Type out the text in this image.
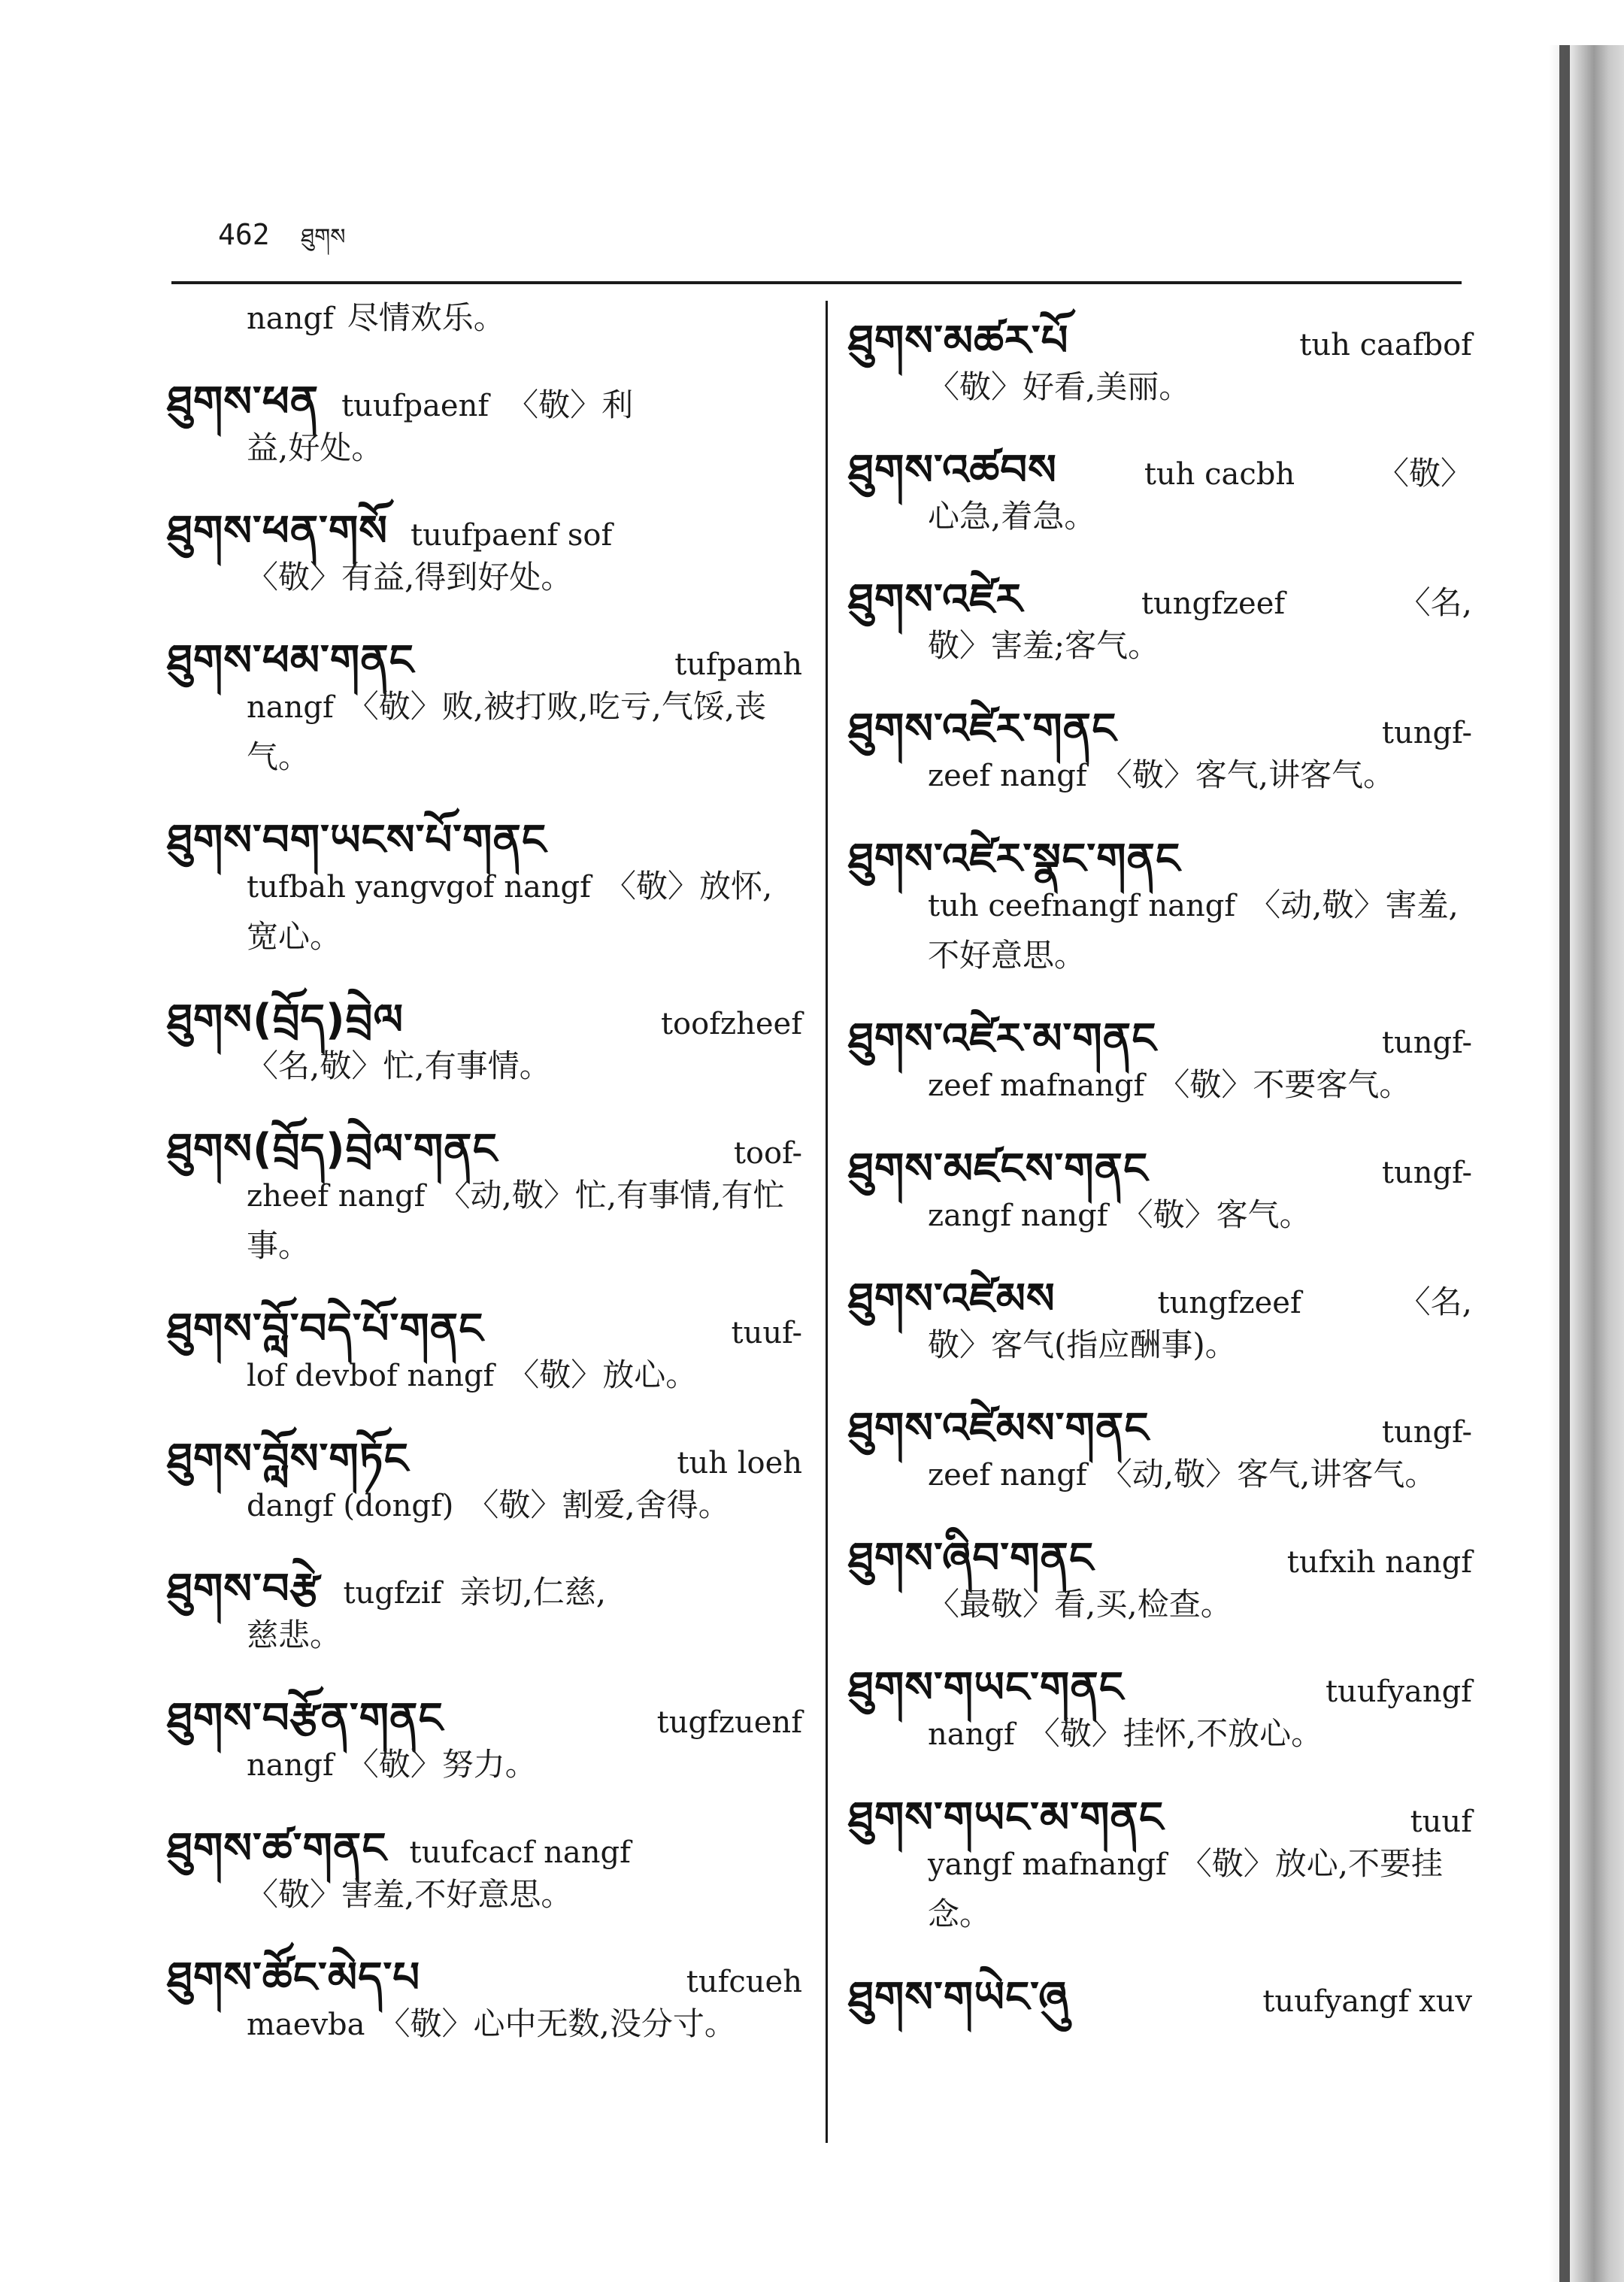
462 ཐུགས
nangf 尽情欢乐。
ཐུགས་ཕན tuufpaenf 〈敬〉利
益,好处。
ཐུགས་ཕན་གསོ tuufpaenf sof
〈敬〉有益,得到好处。
ཐུགས་ཕམ་གནང	tufpamh
nangf 〈敬〉败,被打败,吃亏,气馁,丧气。
ཐུགས་བག་ཡངས་པོ་གནང
tufbah yangvgof nangf 〈敬〉放怀,宽心。
ཐུགས(བྲོད)བྲེལ	toofzheef
〈名,敬〉忙,有事情。
ཐུགས(བྲོད)བྲེལ་གནང	toof-
zheef nangf 〈动,敬〉忙,有事情,有忙事。
ཐུགས་བློ་བདེ་པོ་གནང	tuuf-
lof devbof nangf 〈敬〉放心。
ཐུགས་བློས་གཏོང	tuh loeh
dangf (dongf) 〈敬〉割爱,舍得。
ཐུགས་བརྩེ tugfzif 亲切,仁慈,
慈悲。
ཐུགས་བརྩོན་གནང	tugfzuenf
nangf 〈敬〉努力。
ཐུགས་ཚ་གནང tuufcacf nangf
〈敬〉害羞,不好意思。
ཐུགས་ཚོང་མེད་པ	tufcueh
maevba 〈敬〉心中无数,没分寸。
ཐུགས་མཚར་པོ	tuh caafbof
〈敬〉好看,美丽。
ཐུགས་འཚབས	tuh cacbh	〈敬〉
心急,着急。
ཐུགས་འཛེར	tungfzeef	〈名,
敬〉害羞;客气。
ཐུགས་འཛེར་གནང	tungf-
zeef nangf 〈敬〉客气,讲客气。
ཐུགས་འཛེར་སྣང་གནང
tuh ceefnangf nangf 〈动,敬〉害羞,不好意思。
ཐུགས་འཛེར་མ་གནང	tungf-
zeef mafnangf 〈敬〉不要客气。
ཐུགས་མཛངས་གནང	tungf-
zangf nangf 〈敬〉客气。
ཐུགས་འཛེམས	tungfzeef	〈名,
敬〉客气(指应酬事)。
ཐུགས་འཛེམས་གནང	tungf-
zeef nangf 〈动,敬〉客气,讲客气。
ཐུགས་ཞིབ་གནང	tufxih nangf
〈最敬〉看,买,检查。
ཐུགས་གཡང་གནང	tuufyangf
nangf 〈敬〉挂怀,不放心。
ཐུགས་གཡང་མ་གནང	tuuf
yangf mafnangf 〈敬〉放心,不要挂念。
ཐུགས་གཡེང་ཞུ	tuufyangf xuv
